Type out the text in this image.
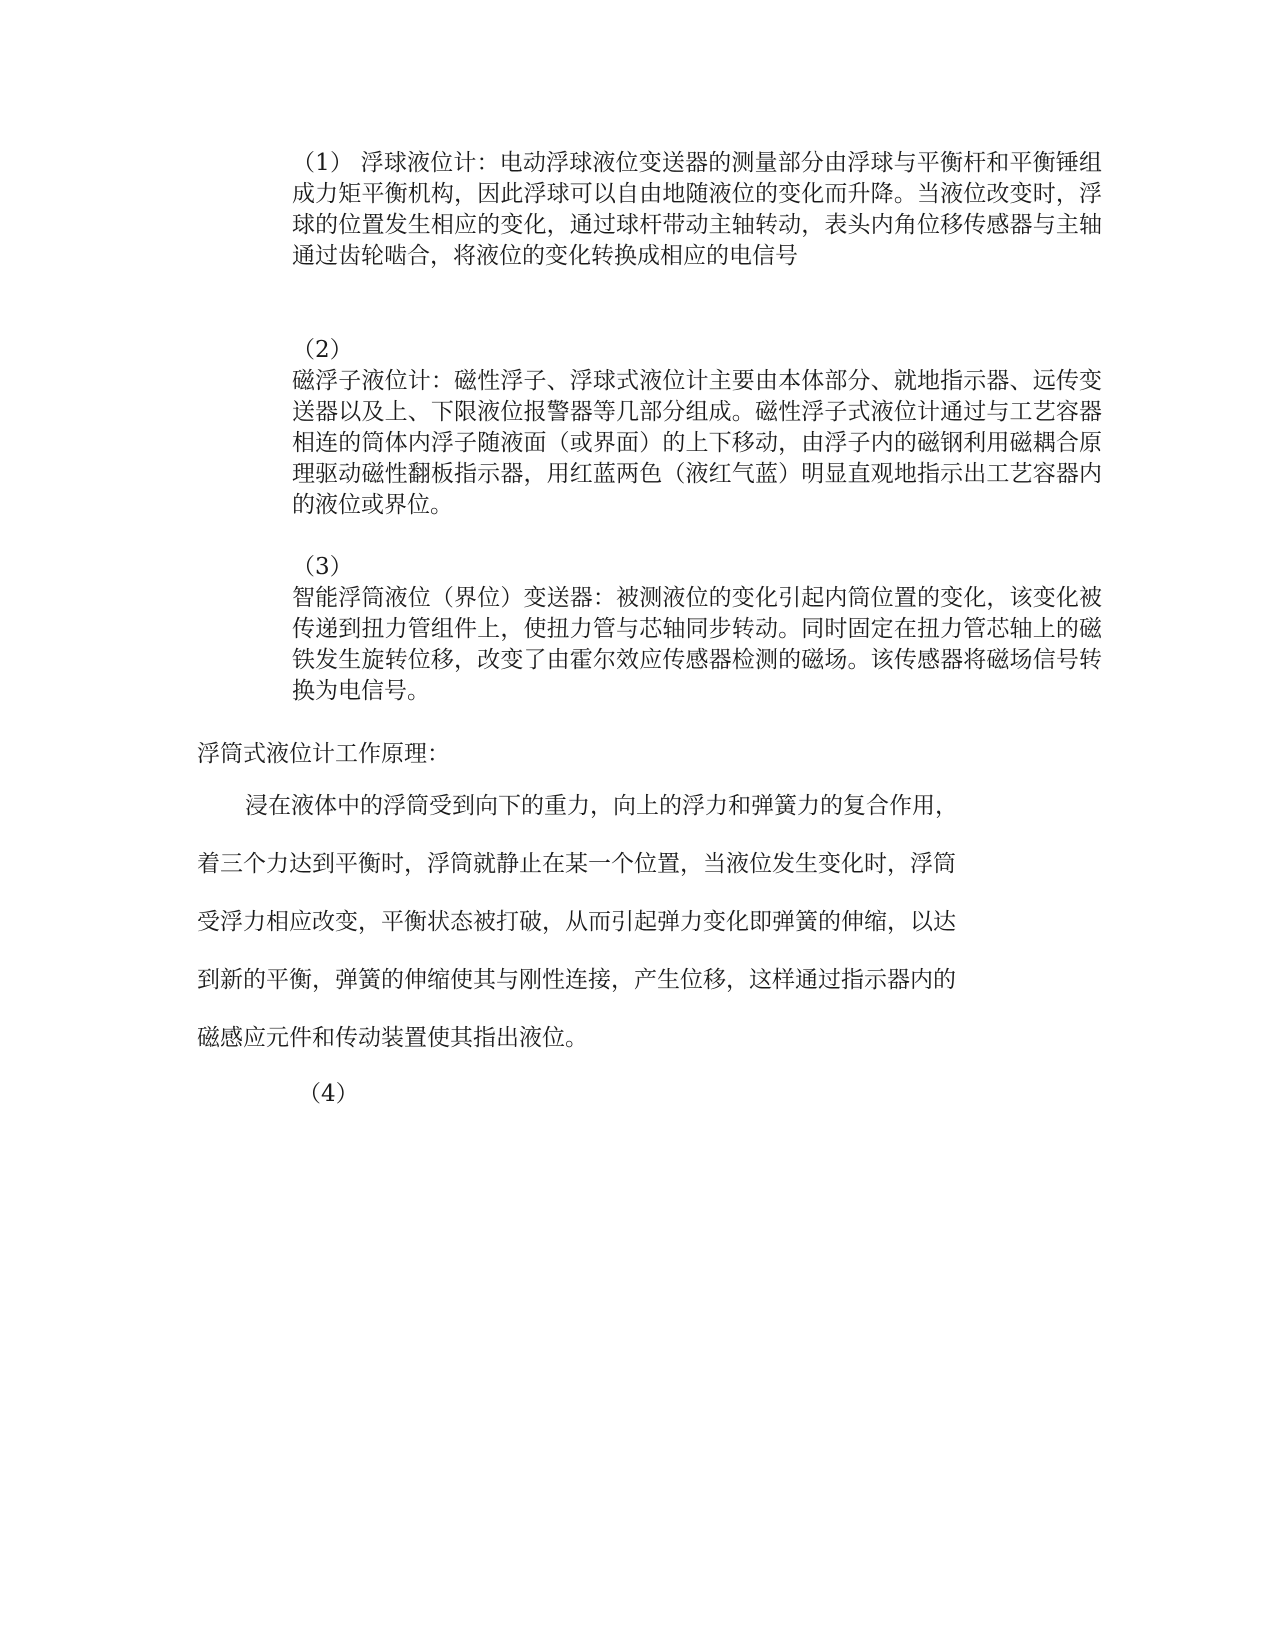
（1） 浮球液位计：电动浮球液位变送器的测量部分由浮球与平衡杆和平衡锤组成力矩平衡机构，因此浮球可以自由地随液位的变化而升降。当液位改变时，浮球的位置发生相应的变化，通过球杆带动主轴转动，表头内角位移传感器与主轴通过齿轮啮合，将液位的变化转换成相应的电信号
（2）
磁浮子液位计：磁性浮子、浮球式液位计主要由本体部分、就地指示器、远传变送器以及上、下限液位报警器等几部分组成。磁性浮子式液位计通过与工艺容器相连的筒体内浮子随液面（或界面）的上下移动，由浮子内的磁钢利用磁耦合原理驱动磁性翻板指示器，用红蓝两色（液红气蓝）明显直观地指示出工艺容器内的液位或界位。
（3）
智能浮筒液位（界位）变送器：被测液位的变化引起内筒位置的变化，该变化被传递到扭力管组件上，使扭力管与芯轴同步转动。同时固定在扭力管芯轴上的磁铁发生旋转位移，改变了由霍尔效应传感器检测的磁场。该传感器将磁场信号转换为电信号。
浮筒式液位计工作原理：
浸在液体中的浮筒受到向下的重力，向上的浮力和弹簧力的复合作用，
着三个力达到平衡时，浮筒就静止在某一个位置，当液位发生变化时，浮筒
受浮力相应改变，平衡状态被打破，从而引起弹力变化即弹簧的伸缩，以达
到新的平衡，弹簧的伸缩使其与刚性连接，产生位移，这样通过指示器内的
磁感应元件和传动装置使其指出液位。
（4）
